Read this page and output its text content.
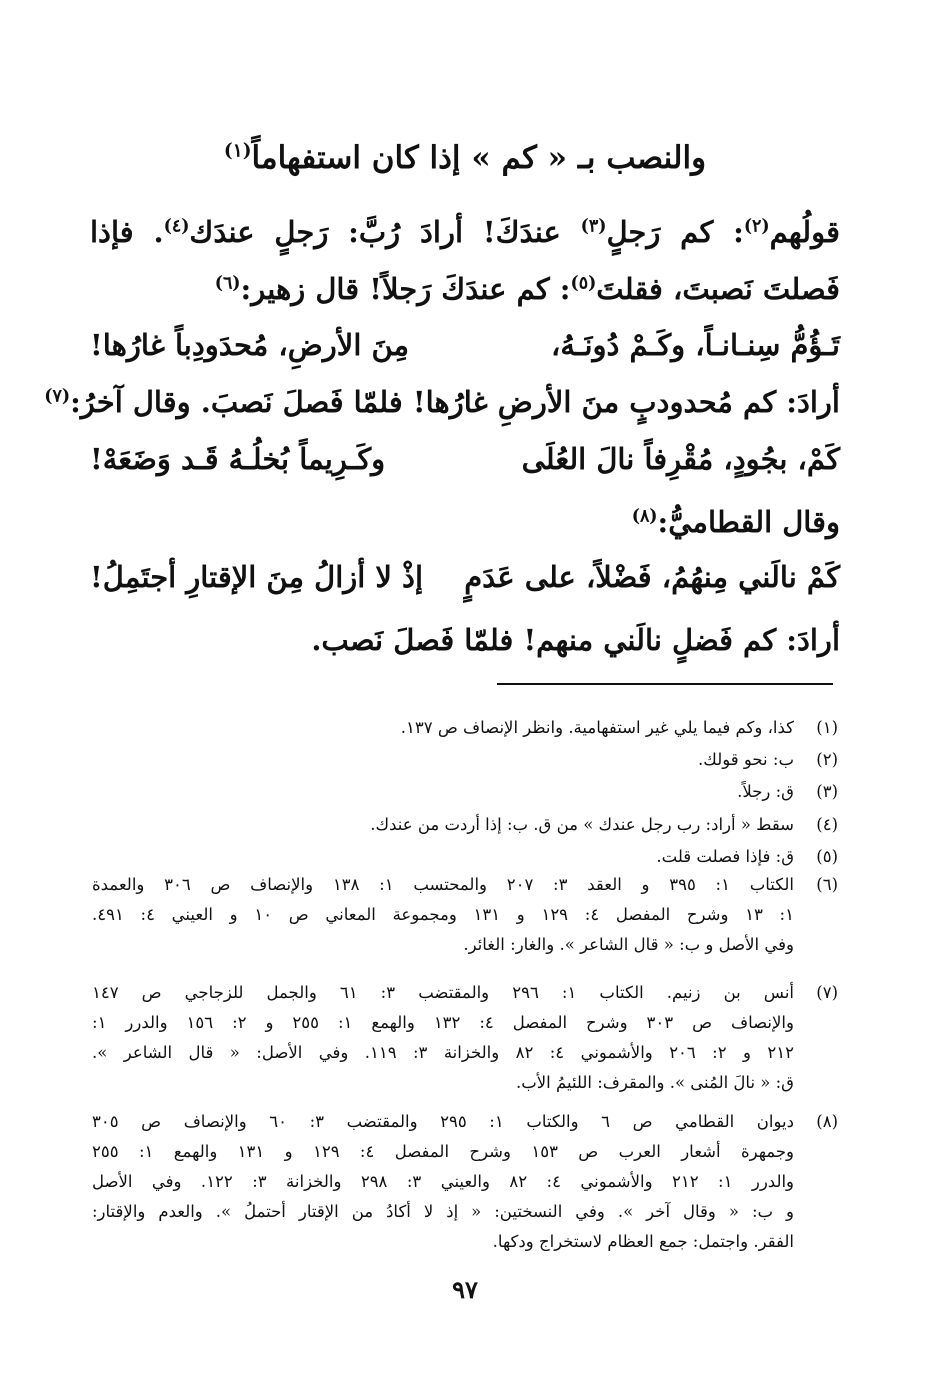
والنصب بـ « كم » إذا كان استفهاماً$^{(١)}$
قولُهم$^{(٢)}$: كم رَجلٍ$^{(٣)}$ عندَكَ! أرادَ رُبَّ: رَجلٍ عندَك$^{(٤)}$. فإذا
فَصلتَ نَصبتَ، فقلتَ$^{(٥)}$: كم عندَكَ رَجلاً! قال زهير:$^{(٦)}$
تَـؤُمُّ سِنـانـاً، وكَـمْ دُونَـهُ،
مِنَ الأرضِ، مُحدَودِباً غارُها!
أرادَ: كم مُحدودبٍ منَ الأرضِ غارُها! فلمّا فَصلَ نَصبَ. وقال آخرُ:$^{(٧)}$
كَمْ، بجُودٍ، مُقْرِفاً نالَ العُلَى
وكَـرِيماً بُخلُـهُ قَـد وَضَعَهْ!
وقال القطاميُّ:$^{(٨)}$
كَمْ نالَني مِنهُمُ، فَضْلاً، على عَدَمٍ
إذْ لا أزالُ مِنَ الإقتارِ أجتَمِلُ!
أرادَ: كم فَضلٍ نالَني منهم! فلمّا فَصلَ نَصب.
(١)
كذا، وكم فيما يلي غير استفهامية. وانظر الإنصاف ص ١٣٧.
(٢)
ب: نحو قولك.
(٣)
ق: رجلاً.
(٤)
سقط « أراد: رب رجل عندك » من ق. ب: إذا أردت من عندك.
(٥)
ق: فإذا فصلت قلت.
(٦)
الكتاب ١: ٣٩٥ و العقد ٣: ٢٠٧ والمحتسب ١: ١٣٨ والإنصاف ص ٣٠٦ والعمدة
١: ١٣ وشرح المفصل ٤: ١٢٩ و ١٣١ ومجموعة المعاني ص ١٠ و العيني ٤: ٤٩١.
وفي الأصل و ب: « قال الشاعر ». والغار: الغائر.
(٧)
أنس بن زنيم. الكتاب ١: ٢٩٦ والمقتضب ٣: ٦١ والجمل للزجاجي ص ١٤٧
والإنصاف ص ٣٠٣ وشرح المفصل ٤: ١٣٢ والهمع ١: ٢٥٥ و ٢: ١٥٦ والدرر ١:
٢١٢ و ٢: ٢٠٦ والأشموني ٤: ٨٢ والخزانة ٣: ١١٩. وفي الأصل: « قال الشاعر ».
ق: « نالَ المُنى ». والمقرف: اللئيمُ الأب.
(٨)
ديوان القطامي ص ٦ والكتاب ١: ٢٩٥ والمقتضب ٣: ٦٠ والإنصاف ص ٣٠٥
وجمهرة أشعار العرب ص ١٥٣ وشرح المفصل ٤: ١٢٩ و ١٣١ والهمع ١: ٢٥٥
والدرر ١: ٢١٢ والأشموني ٤: ٨٢ والعيني ٣: ٢٩٨ والخزانة ٣: ١٢٢. وفي الأصل
و ب: « وقال آخر ». وفي النسختين: « إذ لا أكادُ من الإقتار أحتملُ ». والعدم والإقتار:
الفقر. واجتمل: جمع العظام لاستخراج ودكها.
٩٧
